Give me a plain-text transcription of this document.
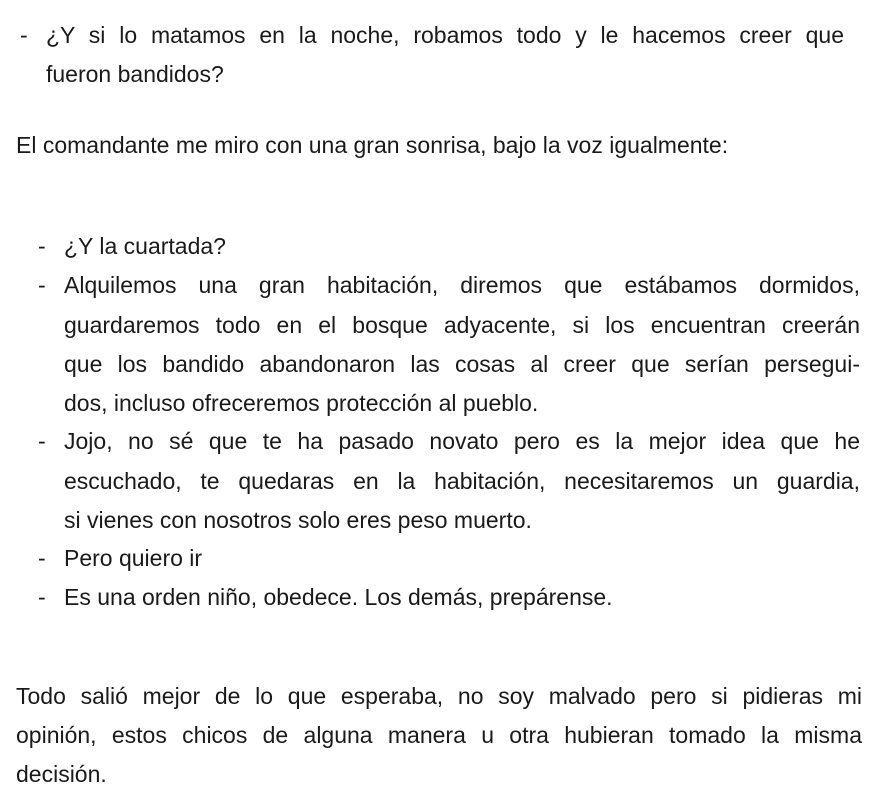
- ¿Y si lo matamos en la noche, robamos todo y le hacemos creer que
fueron bandidos?
El comandante me miro con una gran sonrisa, bajo la voz igualmente:
- ¿Y la cuartada?
- Alquilemos una gran habitación, diremos que estábamos dormidos,
guardaremos todo en el bosque adyacente, si los encuentran creerán
que los bandido abandonaron las cosas al creer que serían persegui-
dos, incluso ofreceremos protección al pueblo.
- Jojo, no sé que te ha pasado novato pero es la mejor idea que he
escuchado, te quedaras en la habitación, necesitaremos un guardia,
si vienes con nosotros solo eres peso muerto.
- Pero quiero ir
- Es una orden niño, obedece. Los demás, prepárense.
Todo salió mejor de lo que esperaba, no soy malvado pero si pidieras mi
opinión, estos chicos de alguna manera u otra hubieran tomado la misma
decisión.
